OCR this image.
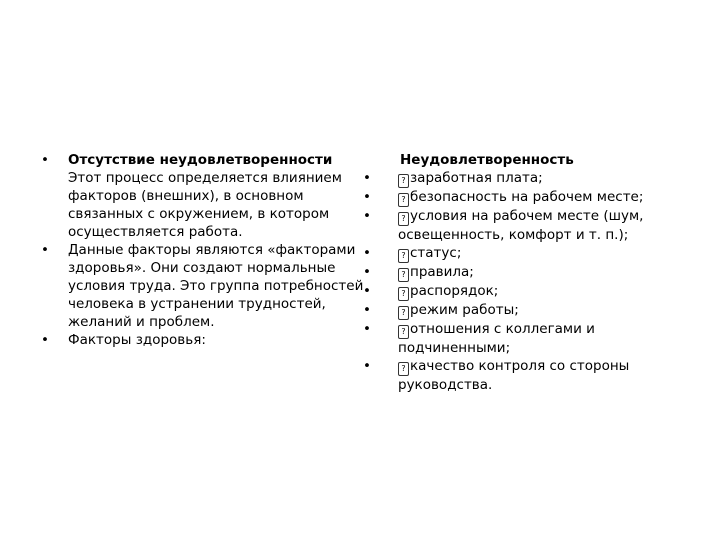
• Отсутствие неудовлетворенности
Этот процесс определяется влиянием факторов (внешних), в основном связанных с окружением, в котором осуществляется работа.
• Данные факторы являются «факторами здоровья». Они создают нормальные условия труда. Это группа потребностей человека в устранении трудностей, желаний и проблем.
• Факторы здоровья:
Неудовлетворенность
•	? заработная плата;
•	? безопасность на рабочем месте;
•	? условия на рабочем месте (шум, освещенность, комфорт и т. п.);
•	? статус;
•	? правила;
•	? распорядок;
•	? режим работы;
•	? отношения с коллегами и подчиненными;
•	? качество контроля со стороны руководства.
